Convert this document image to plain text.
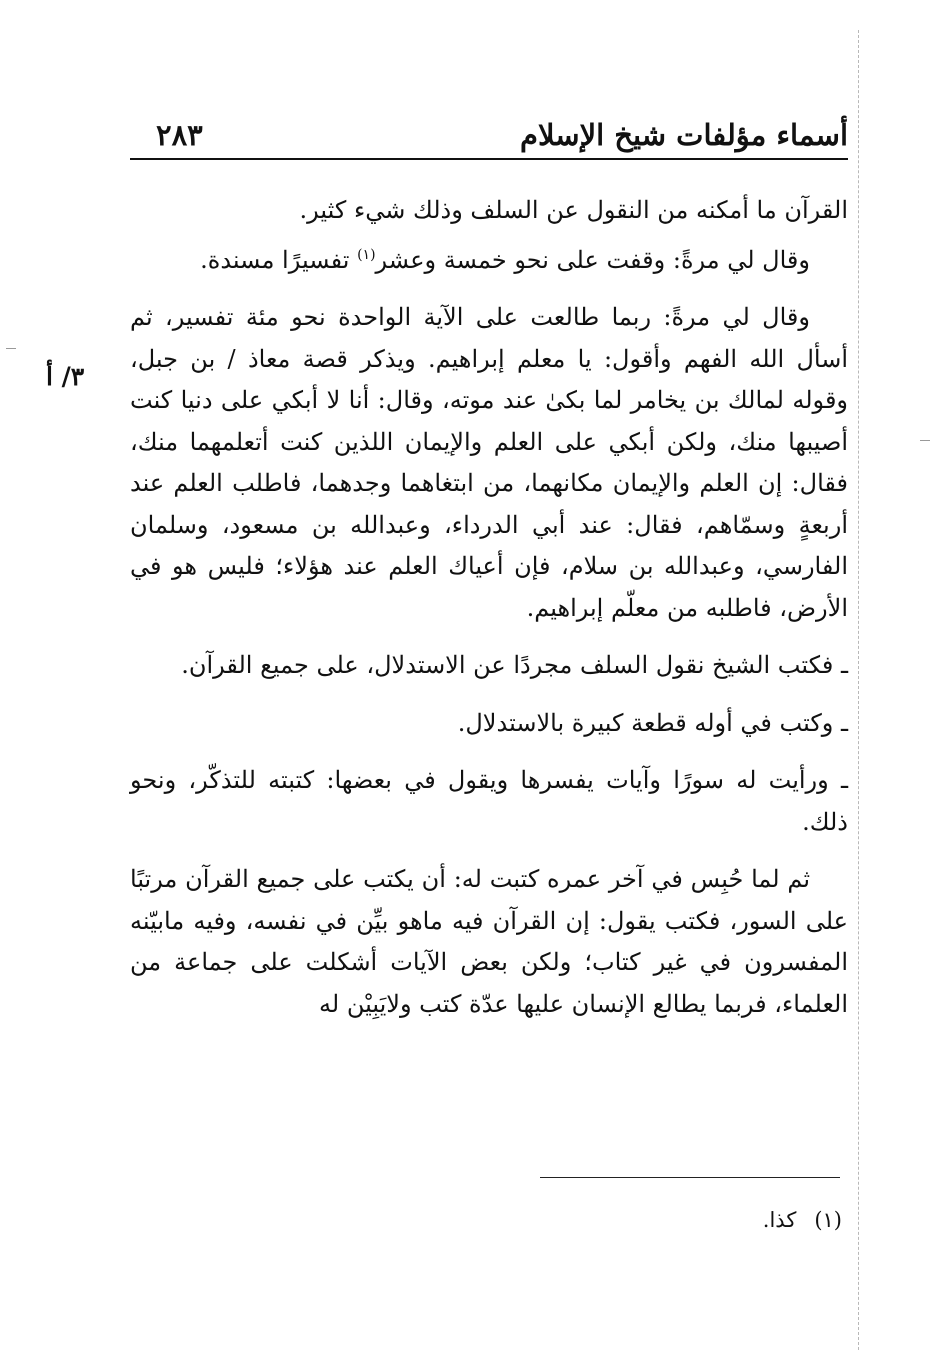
أسماء مؤلفات شيخ الإسلام
٢٨٣
٣/ أ

القرآن ما أمكنه من النقول عن السلف وذلك شيء كثير.

وقال لي مرةً: وقفت على نحو خمسة وعشر$^{(١)}$ تفسيرًا مسندة.

وقال لي مرةً: ربما طالعت على الآية الواحدة نحو مئة تفسير، ثم أسأل الله الفهم وأقول: يا معلم إبراهيم. ويذكر قصة معاذ / بن جبل، وقوله لمالك بن يخامر لما بكىٰ عند موته، وقال: أنا لا أبكي على دنيا كنت أصيبها منك، ولكن أبكي على العلم والإيمان اللذين كنت أتعلمهما منك، فقال: إن العلم والإيمان مكانهما، من ابتغاهما وجدهما، فاطلب العلم عند أربعةٍ وسمّاهم، فقال: عند أبي الدرداء، وعبدالله بن مسعود، وسلمان الفارسي، وعبدالله بن سلام، فإن أعياك العلم عند هؤلاء؛ فليس هو في الأرض، فاطلبه من معلّم إبراهيم.

ـ فكتب الشيخ نقول السلف مجردًا عن الاستدلال، على جميع القرآن.

ـ وكتب في أوله قطعة كبيرة بالاستدلال.

ـ ورأيت له سورًا وآيات يفسرها ويقول في بعضها: كتبته للتذكّر، ونحو ذلك.

ثم لما حُبِس في آخر عمره كتبت له: أن يكتب على جميع القرآن مرتبًا على السور، فكتب يقول: إن القرآن فيه ماهو بيِّن في نفسه، وفيه مابيّنه المفسرون في غير كتاب؛ ولكن بعض الآيات أشكلت على جماعة من العلماء، فربما يطالع الإنسان عليها عدّة كتب ولايَبِيْن له

(١)كذا.
